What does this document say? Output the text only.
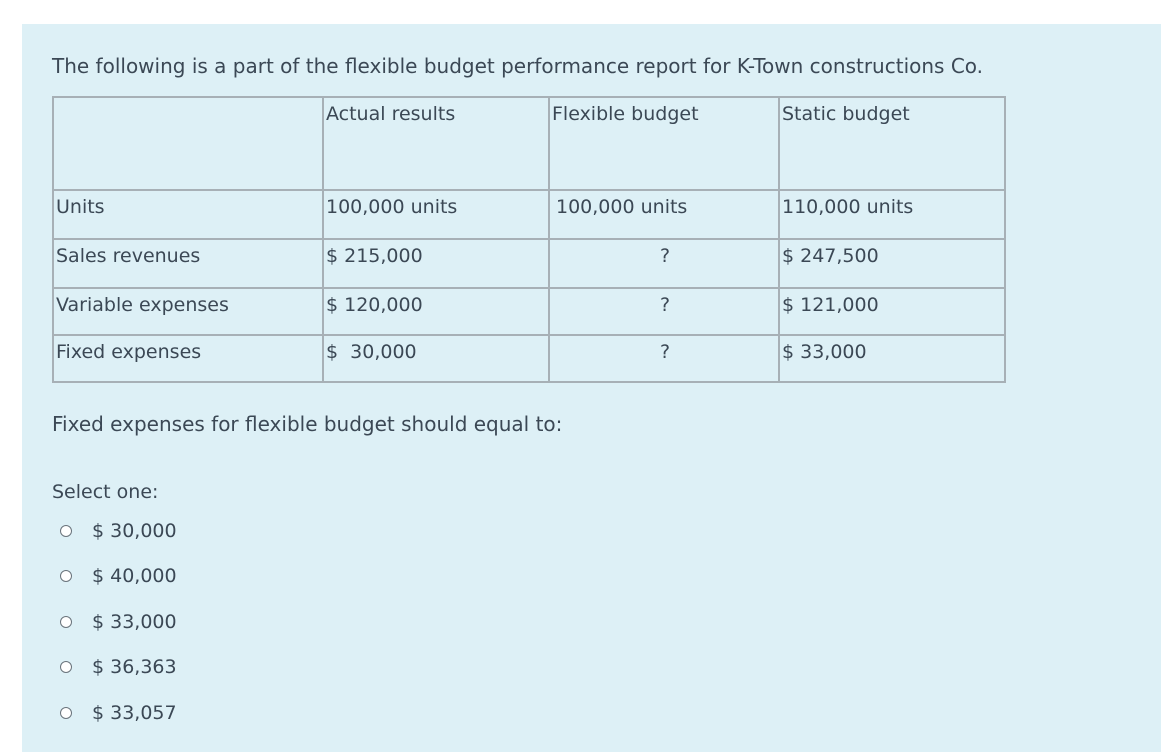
The following is a part of the flexible budget performance report for K-Town constructions Co.
	Actual results	Flexible budget	Static budget
Units	100,000 units	100,000 units	110,000 units
Sales revenues	$ 215,000	?	$ 247,500
Variable expenses	$ 120,000	?	$ 121,000
Fixed expenses	$  30,000	?	$ 33,000
Fixed expenses for flexible budget should equal to:
Select one:
$ 30,000
$ 40,000
$ 33,000
$ 36,363
$ 33,057
